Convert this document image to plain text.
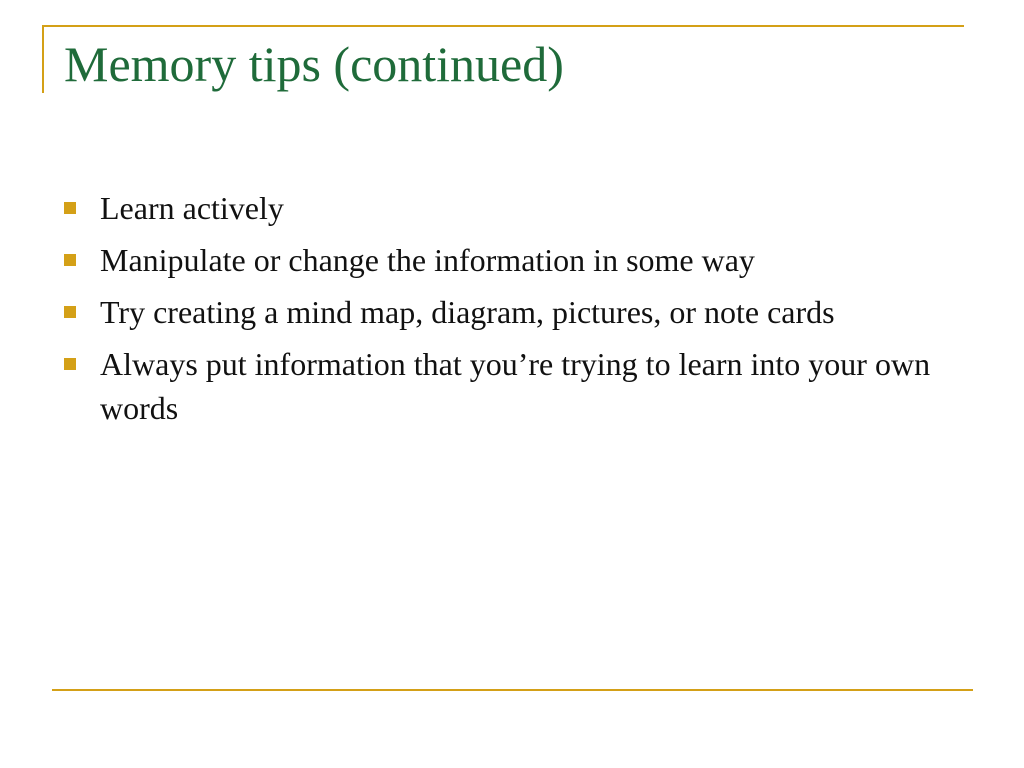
Memory tips (continued)
Learn actively
Manipulate or change the information in some way
Try creating a mind map, diagram, pictures, or note cards
Always put information that you’re trying to learn into your own words
